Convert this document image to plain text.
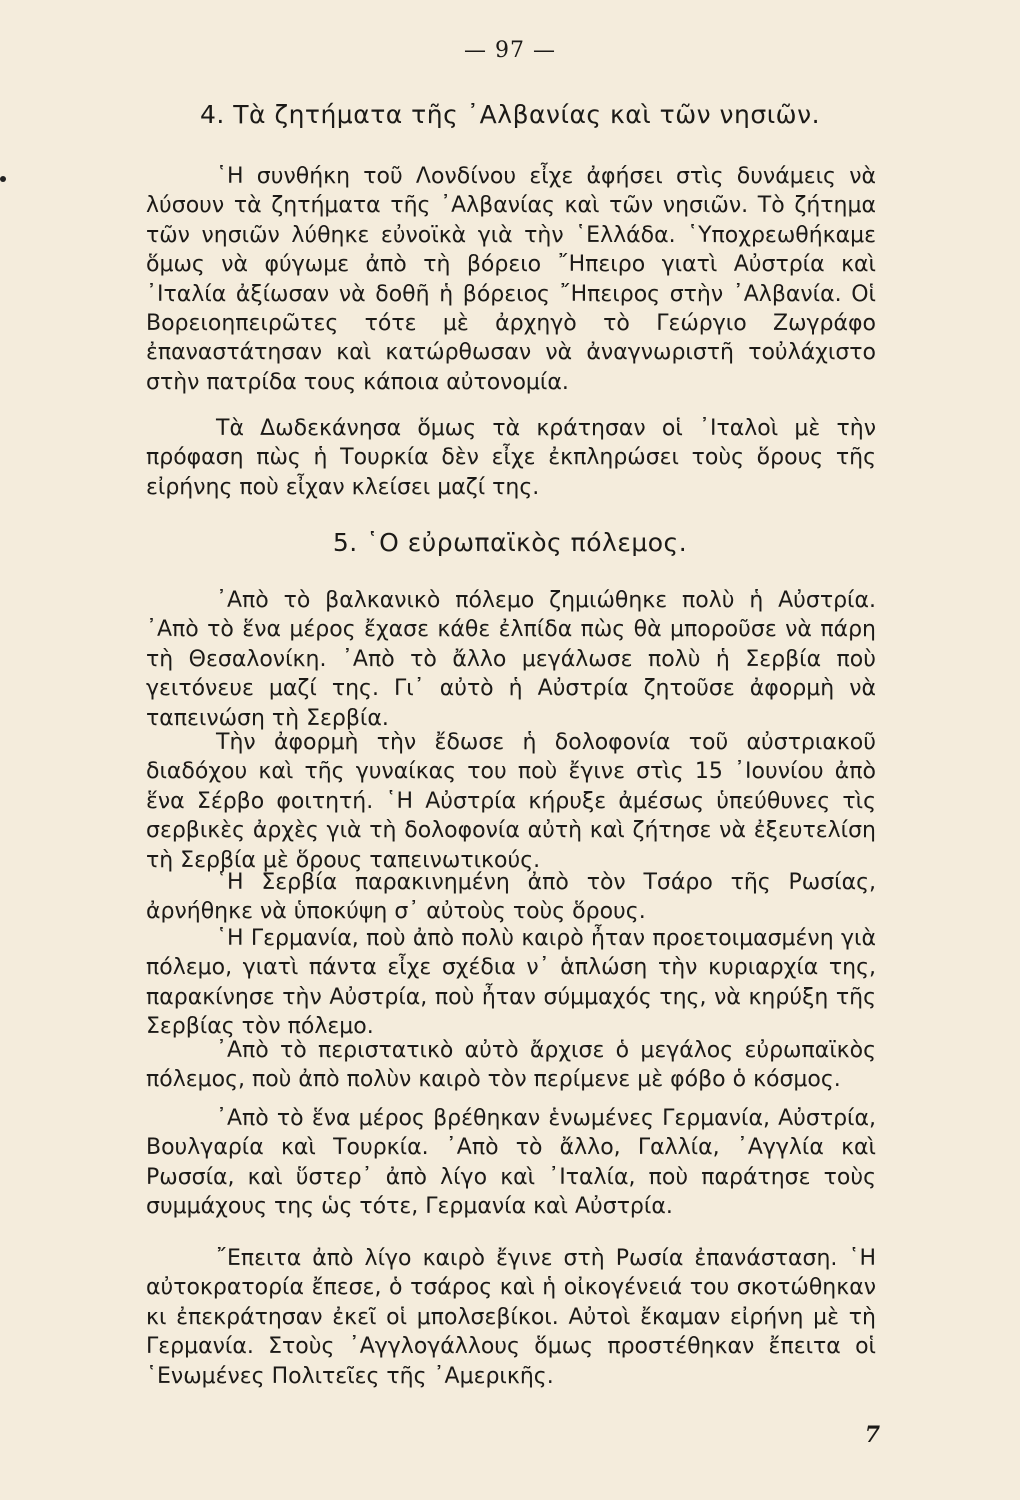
— 97 —
4. Τὰ ζητήματα τῆς ᾿Αλβανίας καὶ τῶν νησιῶν.

῾Η συνθήκη τοῦ Λονδίνου εἶχε ἀφήσει στὶς δυνάμεις νὰ λύσουν τὰ ζητήματα τῆς ᾿Αλβανίας καὶ τῶν νησιῶν. Τὸ ζήτημα τῶν νησιῶν λύθηκε εὐνοϊκὰ γιὰ τὴν ῾Ελλάδα. ῾Υποχρεωθήκαμε ὅμως νὰ φύγωμε ἀπὸ τὴ βόρειο ῎Ηπειρο γιατὶ Αὐστρία καὶ ᾿Ιταλία ἀξίωσαν νὰ δοθῆ ἡ βόρειος ῎Ηπειρος στὴν ᾿Αλβανία. Οἱ Βορειοηπειρῶτες τότε μὲ ἀρχηγὸ τὸ Γεώργιο Ζωγράφο ἐπαναστάτησαν καὶ κατώρθωσαν νὰ ἀναγνωριστῆ τοὐλάχιστο στὴν πατρίδα τους κάποια αὐτονομία.

Τὰ Δωδεκάνησα ὅμως τὰ κράτησαν οἱ ᾿Ιταλοὶ μὲ τὴν πρόφαση πὼς ἡ Τουρκία δὲν εἶχε ἐκπληρώσει τοὺς ὅρους τῆς εἰρήνης ποὺ εἶχαν κλείσει μαζί της.

5. ῾Ο εὐρωπαϊκὸς πόλεμος.

᾿Απὸ τὸ βαλκανικὸ πόλεμο ζημιώθηκε πολὺ ἡ Αὐστρία. ᾿Απὸ τὸ ἕνα μέρος ἔχασε κάθε ἐλπίδα πὼς θὰ μποροῦσε νὰ πάρη τὴ Θεσαλονίκη. ᾿Απὸ τὸ ἄλλο μεγάλωσε πολὺ ἡ Σερβία ποὺ γειτόνευε μαζί της. Γι᾿ αὐτὸ ἡ Αὐστρία ζητοῦσε ἀφορμὴ νὰ ταπεινώση τὴ Σερβία.

Τὴν ἀφορμὴ τὴν ἔδωσε ἡ δολοφονία τοῦ αὐστριακοῦ διαδόχου καὶ τῆς γυναίκας του ποὺ ἔγινε στὶς 15 ᾿Ιουνίου ἀπὸ ἕνα Σέρβο φοιτητή. ῾Η Αὐστρία κήρυξε ἀμέσως ὑπεύθυνες τὶς σερβικὲς ἀρχὲς γιὰ τὴ δολοφονία αὐτὴ καὶ ζήτησε νὰ ἐξευτελίση τὴ Σερβία μὲ ὅρους ταπεινωτικούς.

῾Η Σερβία παρακινημένη ἀπὸ τὸν Τσάρο τῆς Ρωσίας, ἀρνήθηκε νὰ ὑποκύψη σ᾿ αὐτοὺς τοὺς ὅρους.

῾Η Γερμανία, ποὺ ἀπὸ πολὺ καιρὸ ἦταν προετοιμασμένη γιὰ πόλεμο, γιατὶ πάντα εἶχε σχέδια ν᾿ ἁπλώση τὴν κυριαρχία της, παρακίνησε τὴν Αὐστρία, ποὺ ἦταν σύμμαχός της, νὰ κηρύξη τῆς Σερβίας τὸν πόλεμο.

᾿Απὸ τὸ περιστατικὸ αὐτὸ ἄρχισε ὁ μεγάλος εὐρωπαϊκὸς πόλεμος, ποὺ ἀπὸ πολὺν καιρὸ τὸν περίμενε μὲ φόβο ὁ κόσμος.

᾿Απὸ τὸ ἕνα μέρος βρέθηκαν ἑνωμένες Γερμανία, Αὐστρία, Βουλγαρία καὶ Τουρκία. ᾿Απὸ τὸ ἄλλο, Γαλλία, ᾿Αγγλία καὶ Ρωσσία, καὶ ὕστερ᾿ ἀπὸ λίγο καὶ ᾿Ιταλία, ποὺ παράτησε τοὺς συμμάχους της ὡς τότε, Γερμανία καὶ Αὐστρία.

῎Επειτα ἀπὸ λίγο καιρὸ ἔγινε στὴ Ρωσία ἐπανάσταση. ῾Η αὐτοκρατορία ἔπεσε, ὁ τσάρος καὶ ἡ οἰκογένειά του σκοτώθηκαν κι ἐπεκράτησαν ἐκεῖ οἱ μπολσεβίκοι. Αὐτοὶ ἔκαμαν εἰρήνη μὲ τὴ Γερμανία. Στοὺς ᾿Αγγλογάλλους ὅμως προστέθηκαν ἔπειτα οἱ ῾Ενωμένες Πολιτεῖες τῆς ᾿Αμερικῆς.

7
